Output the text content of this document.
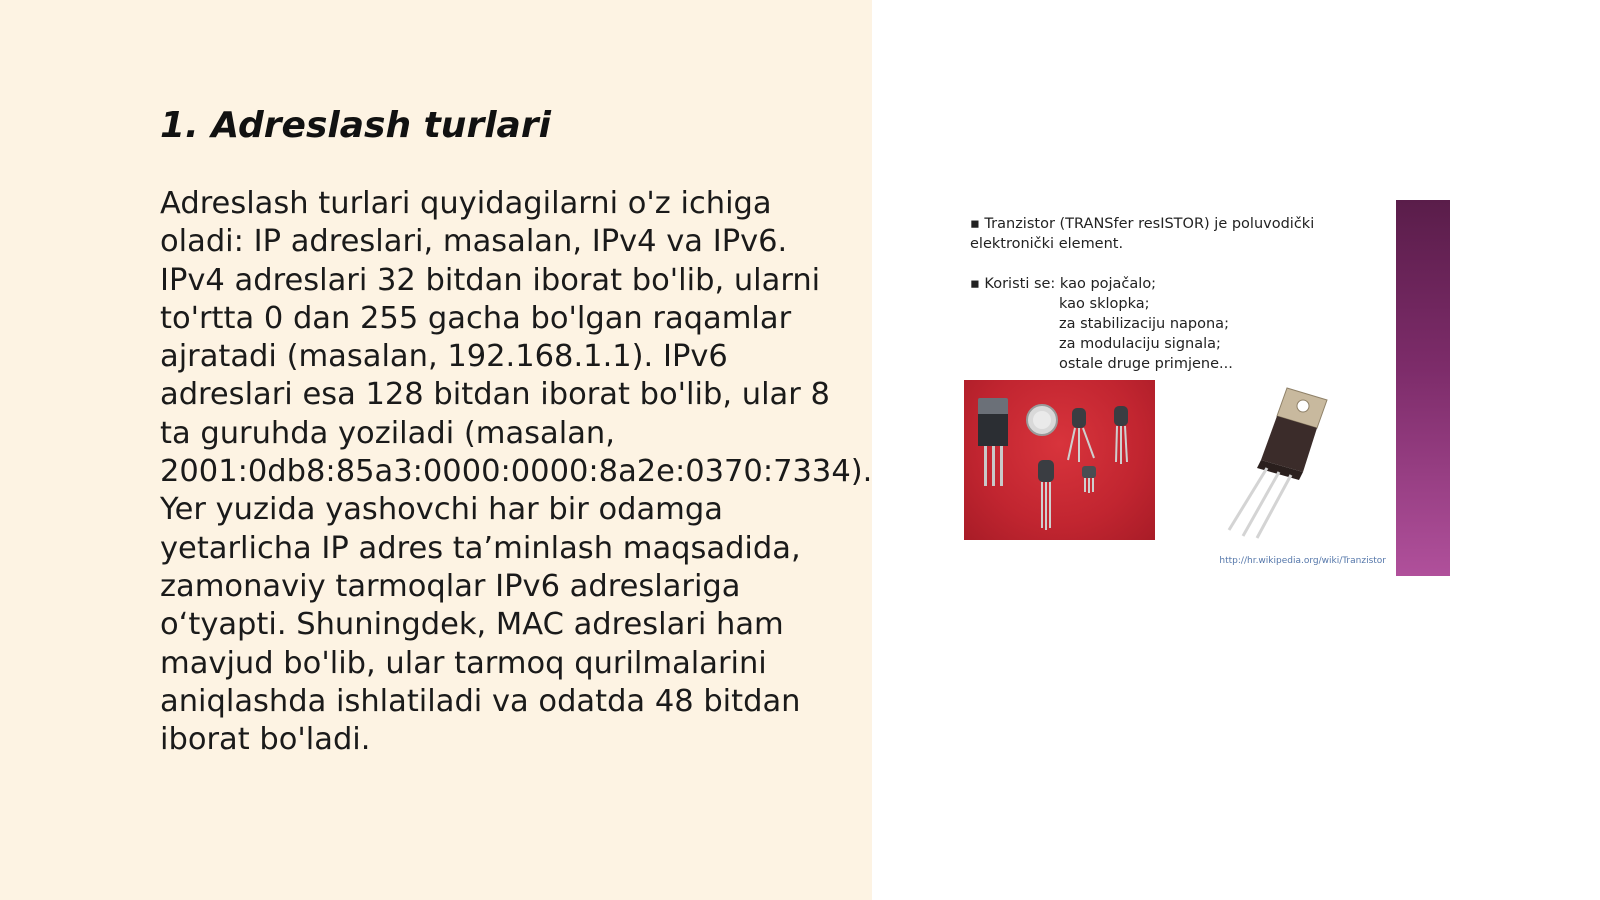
1. Adreslash turlari

Adreslash turlari quyidagilarni o'z ichiga oladi: IP adreslari, masalan, IPv4 va IPv6. IPv4 adreslari 32 bitdan iborat bo'lib, ularni to'rtta 0 dan 255 gacha bo'lgan raqamlar ajratadi (masalan, 192.168.1.1). IPv6 adreslari esa 128 bitdan iborat bo'lib, ular 8 ta guruhda yoziladi (masalan, 2001:0db8:85a3:0000:0000:8a2e:0370:7334). Yer yuzida yashovchi har bir odamga yetarlicha IP adres ta’minlash maqsadida, zamonaviy tarmoqlar IPv6 adreslariga o‘tyapti. Shuningdek, MAC adreslari ham mavjud bo'lib, ular tarmoq qurilmalarini aniqlashda ishlatiladi va odatda 48 bitdan iborat bo'ladi.

▪ Tranzistor (TRANSfer resISTOR) je poluvodički
elektronički element.
▪ Koristi se: kao pojačalo;
kao sklopka;
za stabilizaciju napona;
za modulaciju signala;
ostale druge primjene...
http://hr.wikipedia.org/wiki/Tranzistor
